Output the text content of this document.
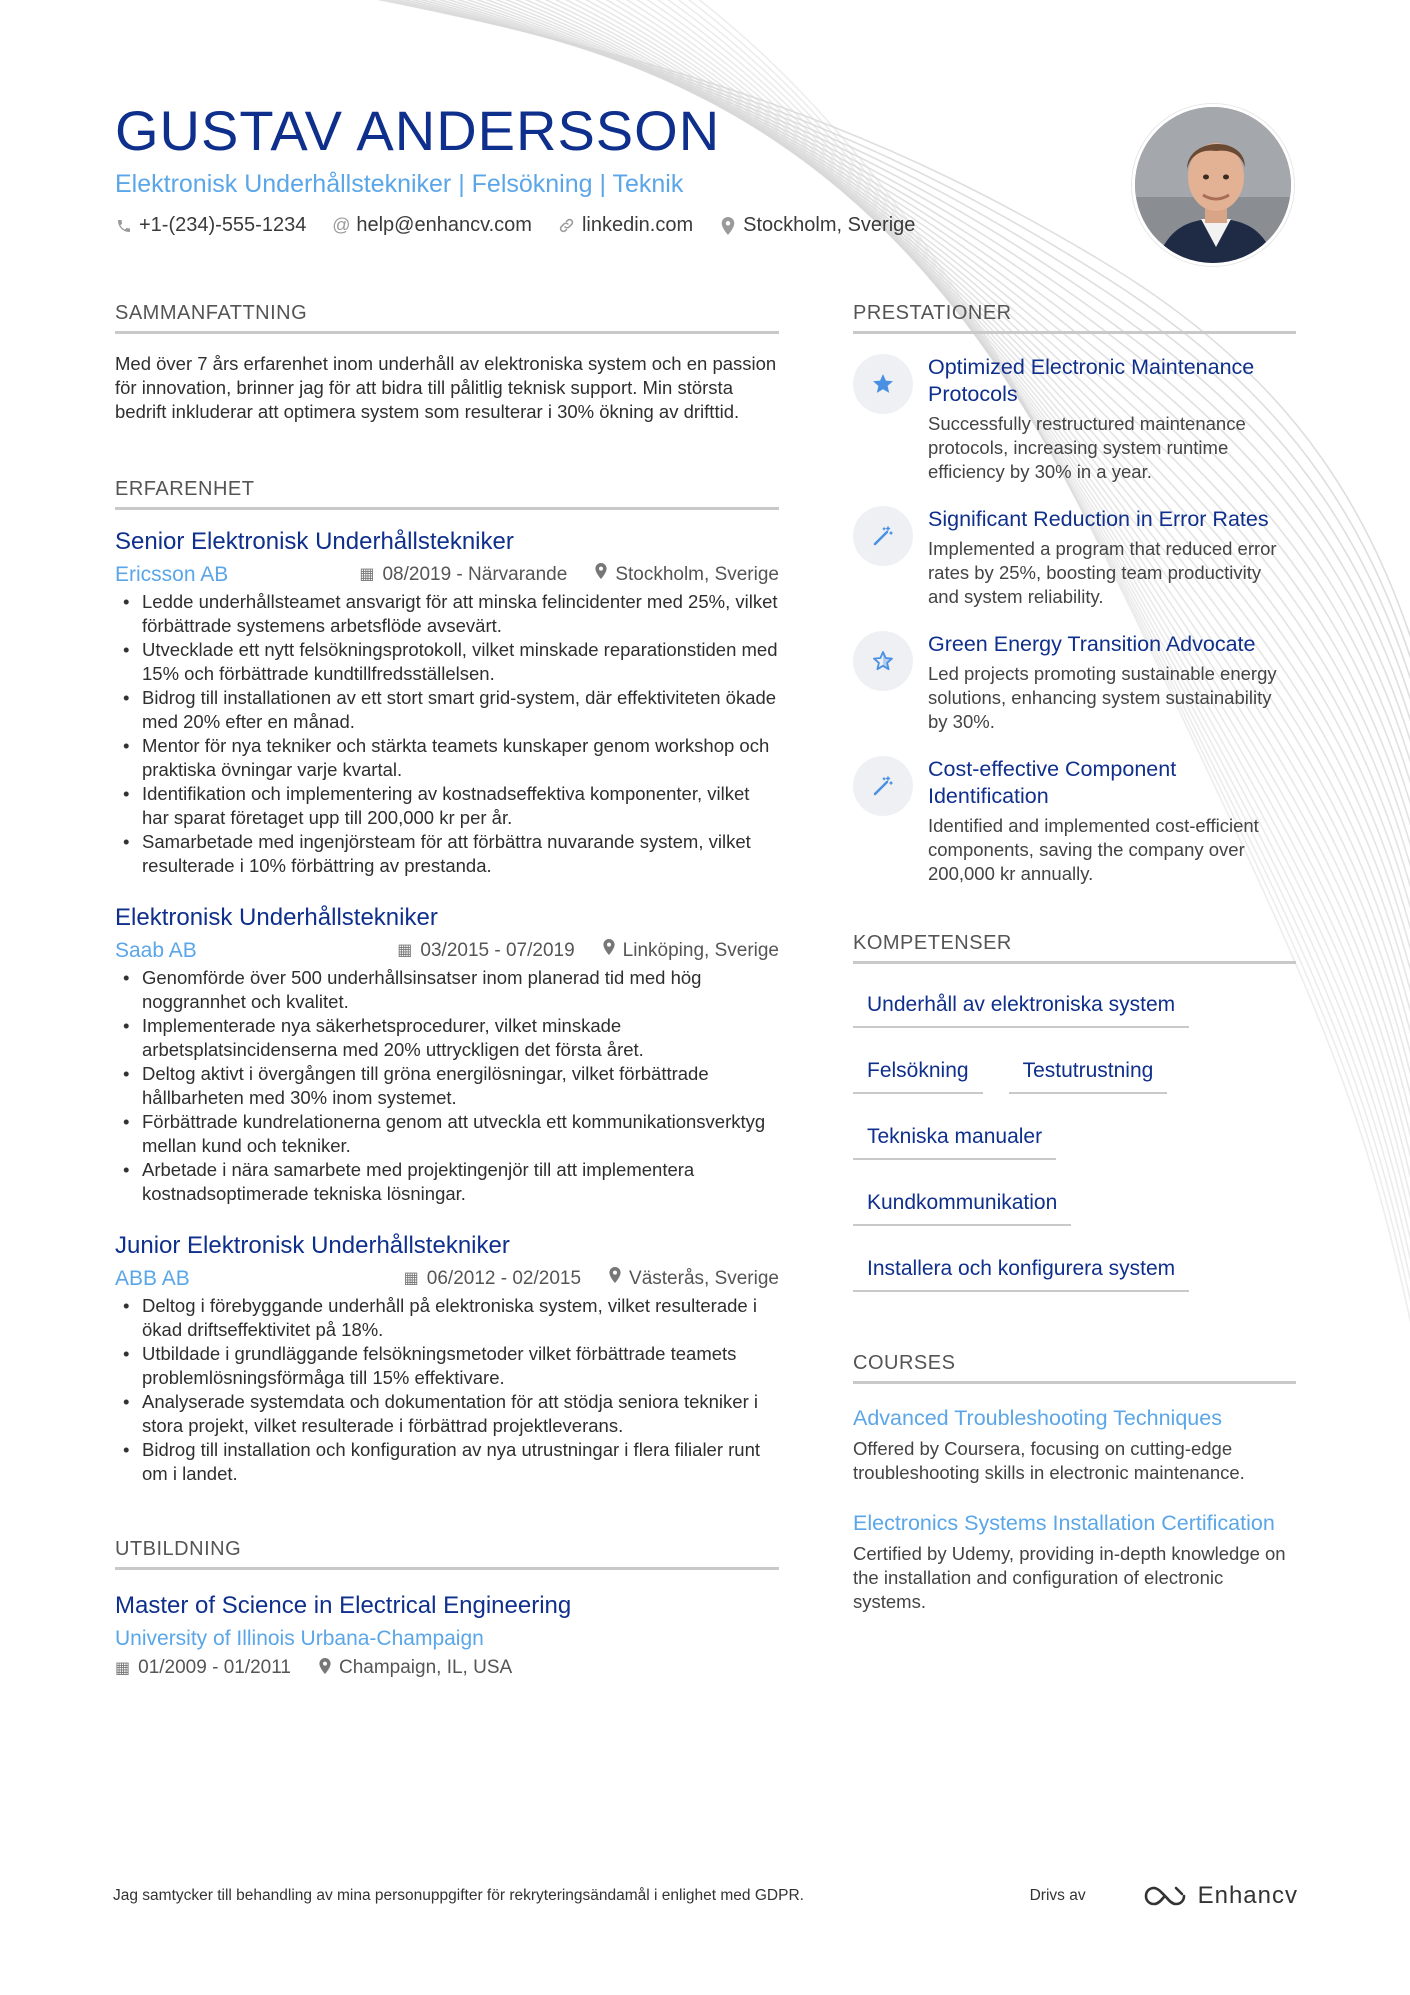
GUSTAV ANDERSSON
Elektronisk Underhållstekniker | Felsökning | Teknik
+1-(234)-555-1234 @ help@enhancv.com	linkedin.com	Stockholm, Sverige
SAMMANFATTNING
Med över 7 års erfarenhet inom underhåll av elektroniska system och en passion för innovation, brinner jag för att bidra till pålitlig teknisk support. Min största bedrift inkluderar att optimera system som resulterar i 30% ökning av drifttid.
ERFARENHET
Senior Elektronisk Underhållstekniker
Ericsson AB	▦ 08/2019 - Närvarande	Stockholm, Sverige
• Ledde underhållsteamet ansvarigt för att minska felincidenter med 25%, vilket förbättrade systemens arbetsflöde avsevärt.
• Utvecklade ett nytt felsökningsprotokoll, vilket minskade reparationstiden med 15% och förbättrade kundtillfredsställelsen.
• Bidrog till installationen av ett stort smart grid-system, där effektiviteten ökade med 20% efter en månad.
• Mentor för nya tekniker och stärkta teamets kunskaper genom workshop och praktiska övningar varje kvartal.
• Identifikation och implementering av kostnadseffektiva komponenter, vilket har sparat företaget upp till 200,000 kr per år.
• Samarbetade med ingenjörsteam för att förbättra nuvarande system, vilket resulterade i 10% förbättring av prestanda.
Elektronisk Underhållstekniker
Saab AB	▦ 03/2015 - 07/2019	Linköping, Sverige
• Genomförde över 500 underhållsinsatser inom planerad tid med hög noggrannhet och kvalitet.
• Implementerade nya säkerhetsprocedurer, vilket minskade arbetsplatsincidenserna med 20% uttryckligen det första året.
• Deltog aktivt i övergången till gröna energilösningar, vilket förbättrade hållbarheten med 30% inom systemet.
• Förbättrade kundrelationerna genom att utveckla ett kommunikationsverktyg mellan kund och tekniker.
• Arbetade i nära samarbete med projektingenjör till att implementera kostnadsoptimerade tekniska lösningar.
Junior Elektronisk Underhållstekniker
ABB AB	▦ 06/2012 - 02/2015	Västerås, Sverige
• Deltog i förebyggande underhåll på elektroniska system, vilket resulterade i ökad driftseffektivitet på 18%.
• Utbildade i grundläggande felsökningsmetoder vilket förbättrade teamets problemlösningsförmåga till 15% effektivare.
• Analyserade systemdata och dokumentation för att stödja seniora tekniker i stora projekt, vilket resulterade i förbättrad projektleverans.
• Bidrog till installation och konfiguration av nya utrustningar i flera filialer runt om i landet.
UTBILDNING
Master of Science in Electrical Engineering
University of Illinois Urbana-Champaign
▦ 01/2009 - 01/2011	Champaign, IL, USA
PRESTATIONER
Optimized Electronic Maintenance Protocols
Successfully restructured maintenance protocols, increasing system runtime efficiency by 30% in a year.
Significant Reduction in Error Rates
Implemented a program that reduced error rates by 25%, boosting team productivity and system reliability.
Green Energy Transition Advocate
Led projects promoting sustainable energy solutions, enhancing system sustainability by 30%.
Cost-effective Component Identification
Identified and implemented cost-efficient components, saving the company over 200,000 kr annually.
KOMPETENSER
Underhåll av elektroniska system
Felsökning	Testutrustning
Tekniska manualer
Kundkommunikation
Installera och konfigurera system
COURSES
Advanced Troubleshooting Techniques
Offered by Coursera, focusing on cutting-edge troubleshooting skills in electronic maintenance.
Electronics Systems Installation Certification
Certified by Udemy, providing in-depth knowledge on the installation and configuration of electronic systems.
Jag samtycker till behandling av mina personuppgifter för rekryteringsändamål i enlighet med GDPR.	Drivs av	Enhancv
